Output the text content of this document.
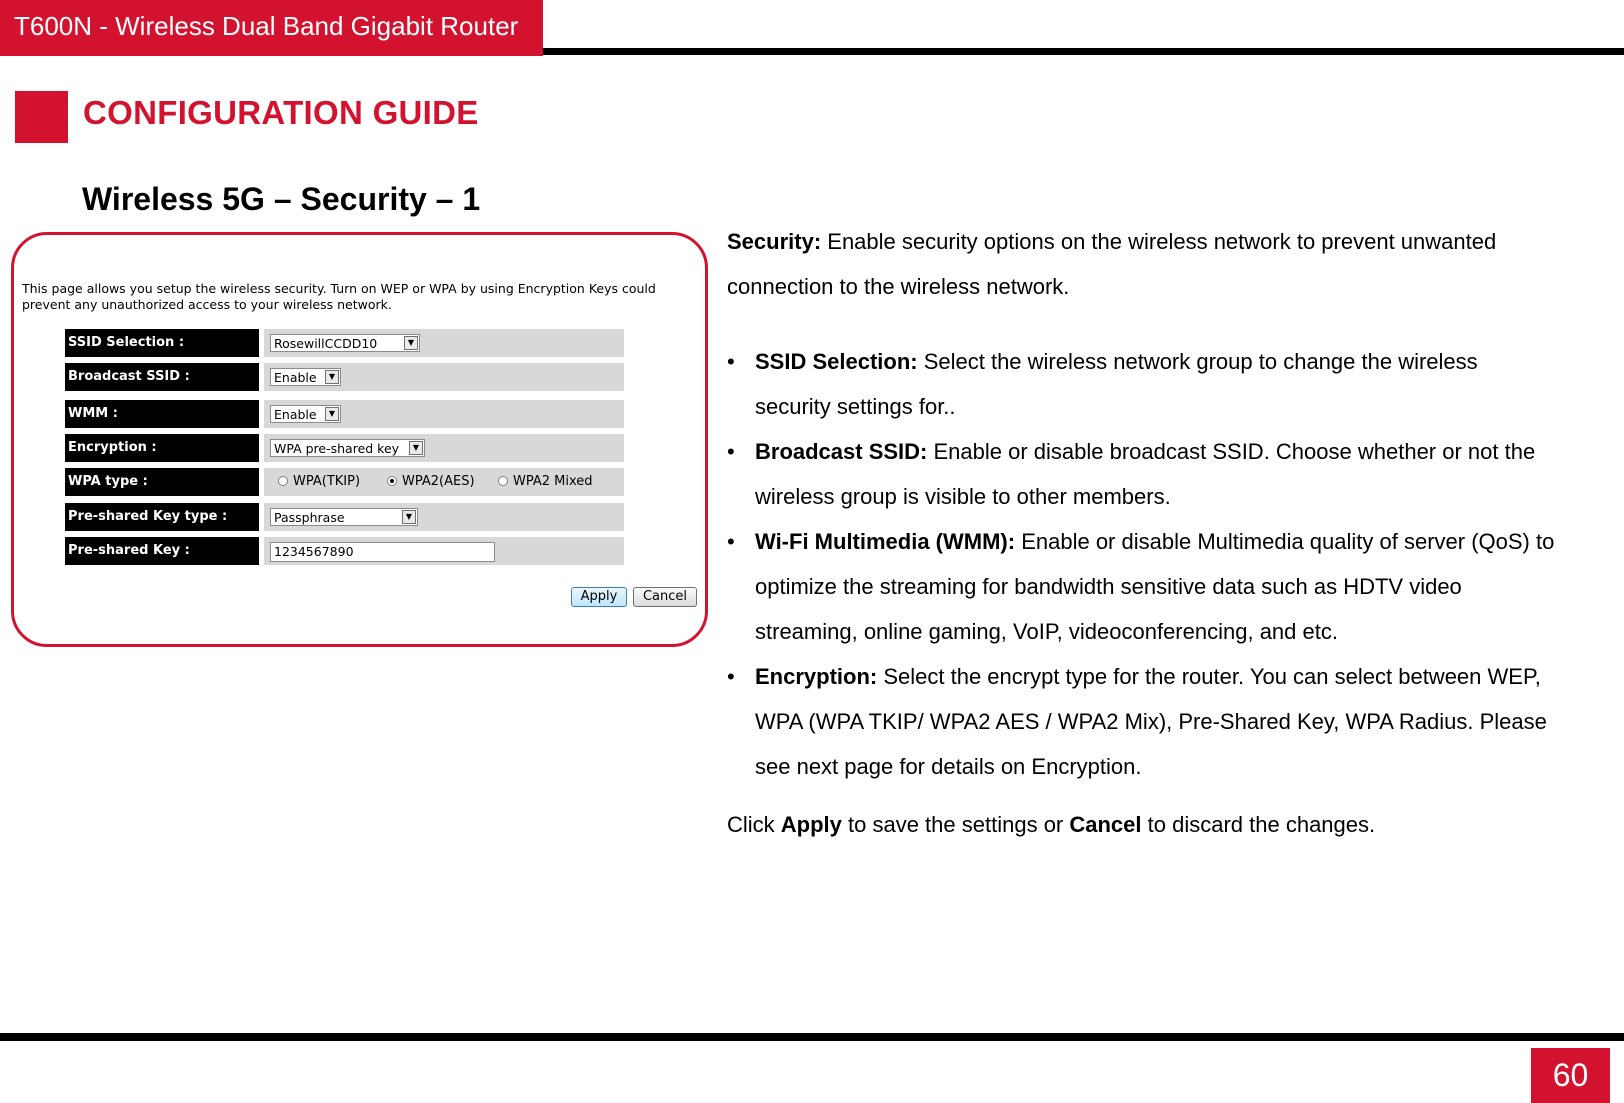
T600N - Wireless Dual Band Gigabit Router
CONFIGURATION GUIDE
Wireless 5G – Security – 1
This page allows you setup the wireless security. Turn on WEP or WPA by using Encryption Keys could prevent any unauthorized access to your wireless network.
SSID Selection :	RosewillCCDD10	▼
Broadcast SSID :	Enable	▼
WMM :	Enable	▼
Encryption :	WPA pre-shared key	▼
WPA type :	WPA(TKIP)	WPA2(AES)	WPA2 Mixed
Pre-shared Key type :	Passphrase	▼
Pre-shared Key :	1234567890
Apply	Cancel

Security: Enable security options on the wireless network to prevent unwanted connection to the wireless network.

• SSID Selection: Select the wireless network group to change the wireless security settings for..
• Broadcast SSID: Enable or disable broadcast SSID. Choose whether or not the wireless group is visible to other members.
• Wi-Fi Multimedia (WMM): Enable or disable Multimedia quality of server (QoS) to optimize the streaming for bandwidth sensitive data such as HDTV video streaming, online gaming, VoIP, videoconferencing, and etc.
• Encryption: Select the encrypt type for the router. You can select between WEP, WPA (WPA TKIP/ WPA2 AES / WPA2 Mix), Pre-Shared Key, WPA Radius. Please see next page for details on Encryption.

Click Apply to save the settings or Cancel to discard the changes.

60
